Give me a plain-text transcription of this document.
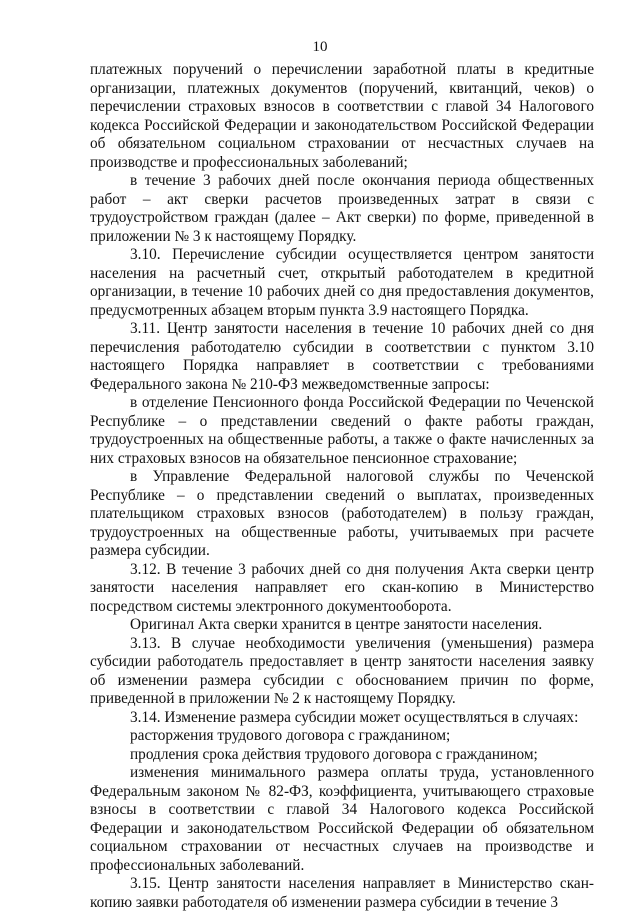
10

платежных поручений о перечислении заработной платы в кредитные организации, платежных документов (поручений, квитанций, чеков) о перечислении страховых взносов в соответствии с главой 34 Налогового кодекса Российской Федерации и законодательством Российской Федерации об обязательном социальном страховании от несчастных случаев на производстве и профессиональных заболеваний;

в течение 3 рабочих дней после окончания периода общественных работ – акт сверки расчетов произведенных затрат в связи с трудоустройством граждан (далее – Акт сверки) по форме, приведенной в приложении № 3 к настоящему Порядку.

3.10. Перечисление субсидии осуществляется центром занятости населения на расчетный счет, открытый работодателем в кредитной организации, в течение 10 рабочих дней со дня предоставления документов, предусмотренных абзацем вторым пункта 3.9 настоящего Порядка.

3.11. Центр занятости населения в течение 10 рабочих дней со дня перечисления работодателю субсидии в соответствии с пунктом 3.10 настоящего Порядка направляет в соответствии с требованиями Федерального закона № 210-ФЗ межведомственные запросы:

в отделение Пенсионного фонда Российской Федерации по Чеченской Республике – о представлении сведений о факте работы граждан, трудоустроенных на общественные работы, а также о факте начисленных за них страховых взносов на обязательное пенсионное страхование;

в Управление Федеральной налоговой службы по Чеченской Республике – о представлении сведений о выплатах, произведенных плательщиком страховых взносов (работодателем) в пользу граждан, трудоустроенных на общественные работы, учитываемых при расчете размера субсидии.

3.12. В течение 3 рабочих дней со дня получения Акта сверки центр занятости населения направляет его скан-копию в Министерство посредством системы электронного документооборота.

Оригинал Акта сверки хранится в центре занятости населения.

3.13. В случае необходимости увеличения (уменьшения) размера субсидии работодатель предоставляет в центр занятости населения заявку об изменении размера субсидии с обоснованием причин по форме, приведенной в приложении № 2 к настоящему Порядку.

3.14. Изменение размера субсидии может осуществляться в случаях:

расторжения трудового договора с гражданином;

продления срока действия трудового договора с гражданином;

изменения минимального размера оплаты труда, установленного Федеральным законом № 82-ФЗ, коэффициента, учитывающего страховые взносы в соответствии с главой 34 Налогового кодекса Российской Федерации и законодательством Российской Федерации об обязательном социальном страховании от несчастных случаев на производстве и профессиональных заболеваний.

3.15. Центр занятости населения направляет в Министерство скан-копию заявки работодателя об изменении размера субсидии в течение 3
